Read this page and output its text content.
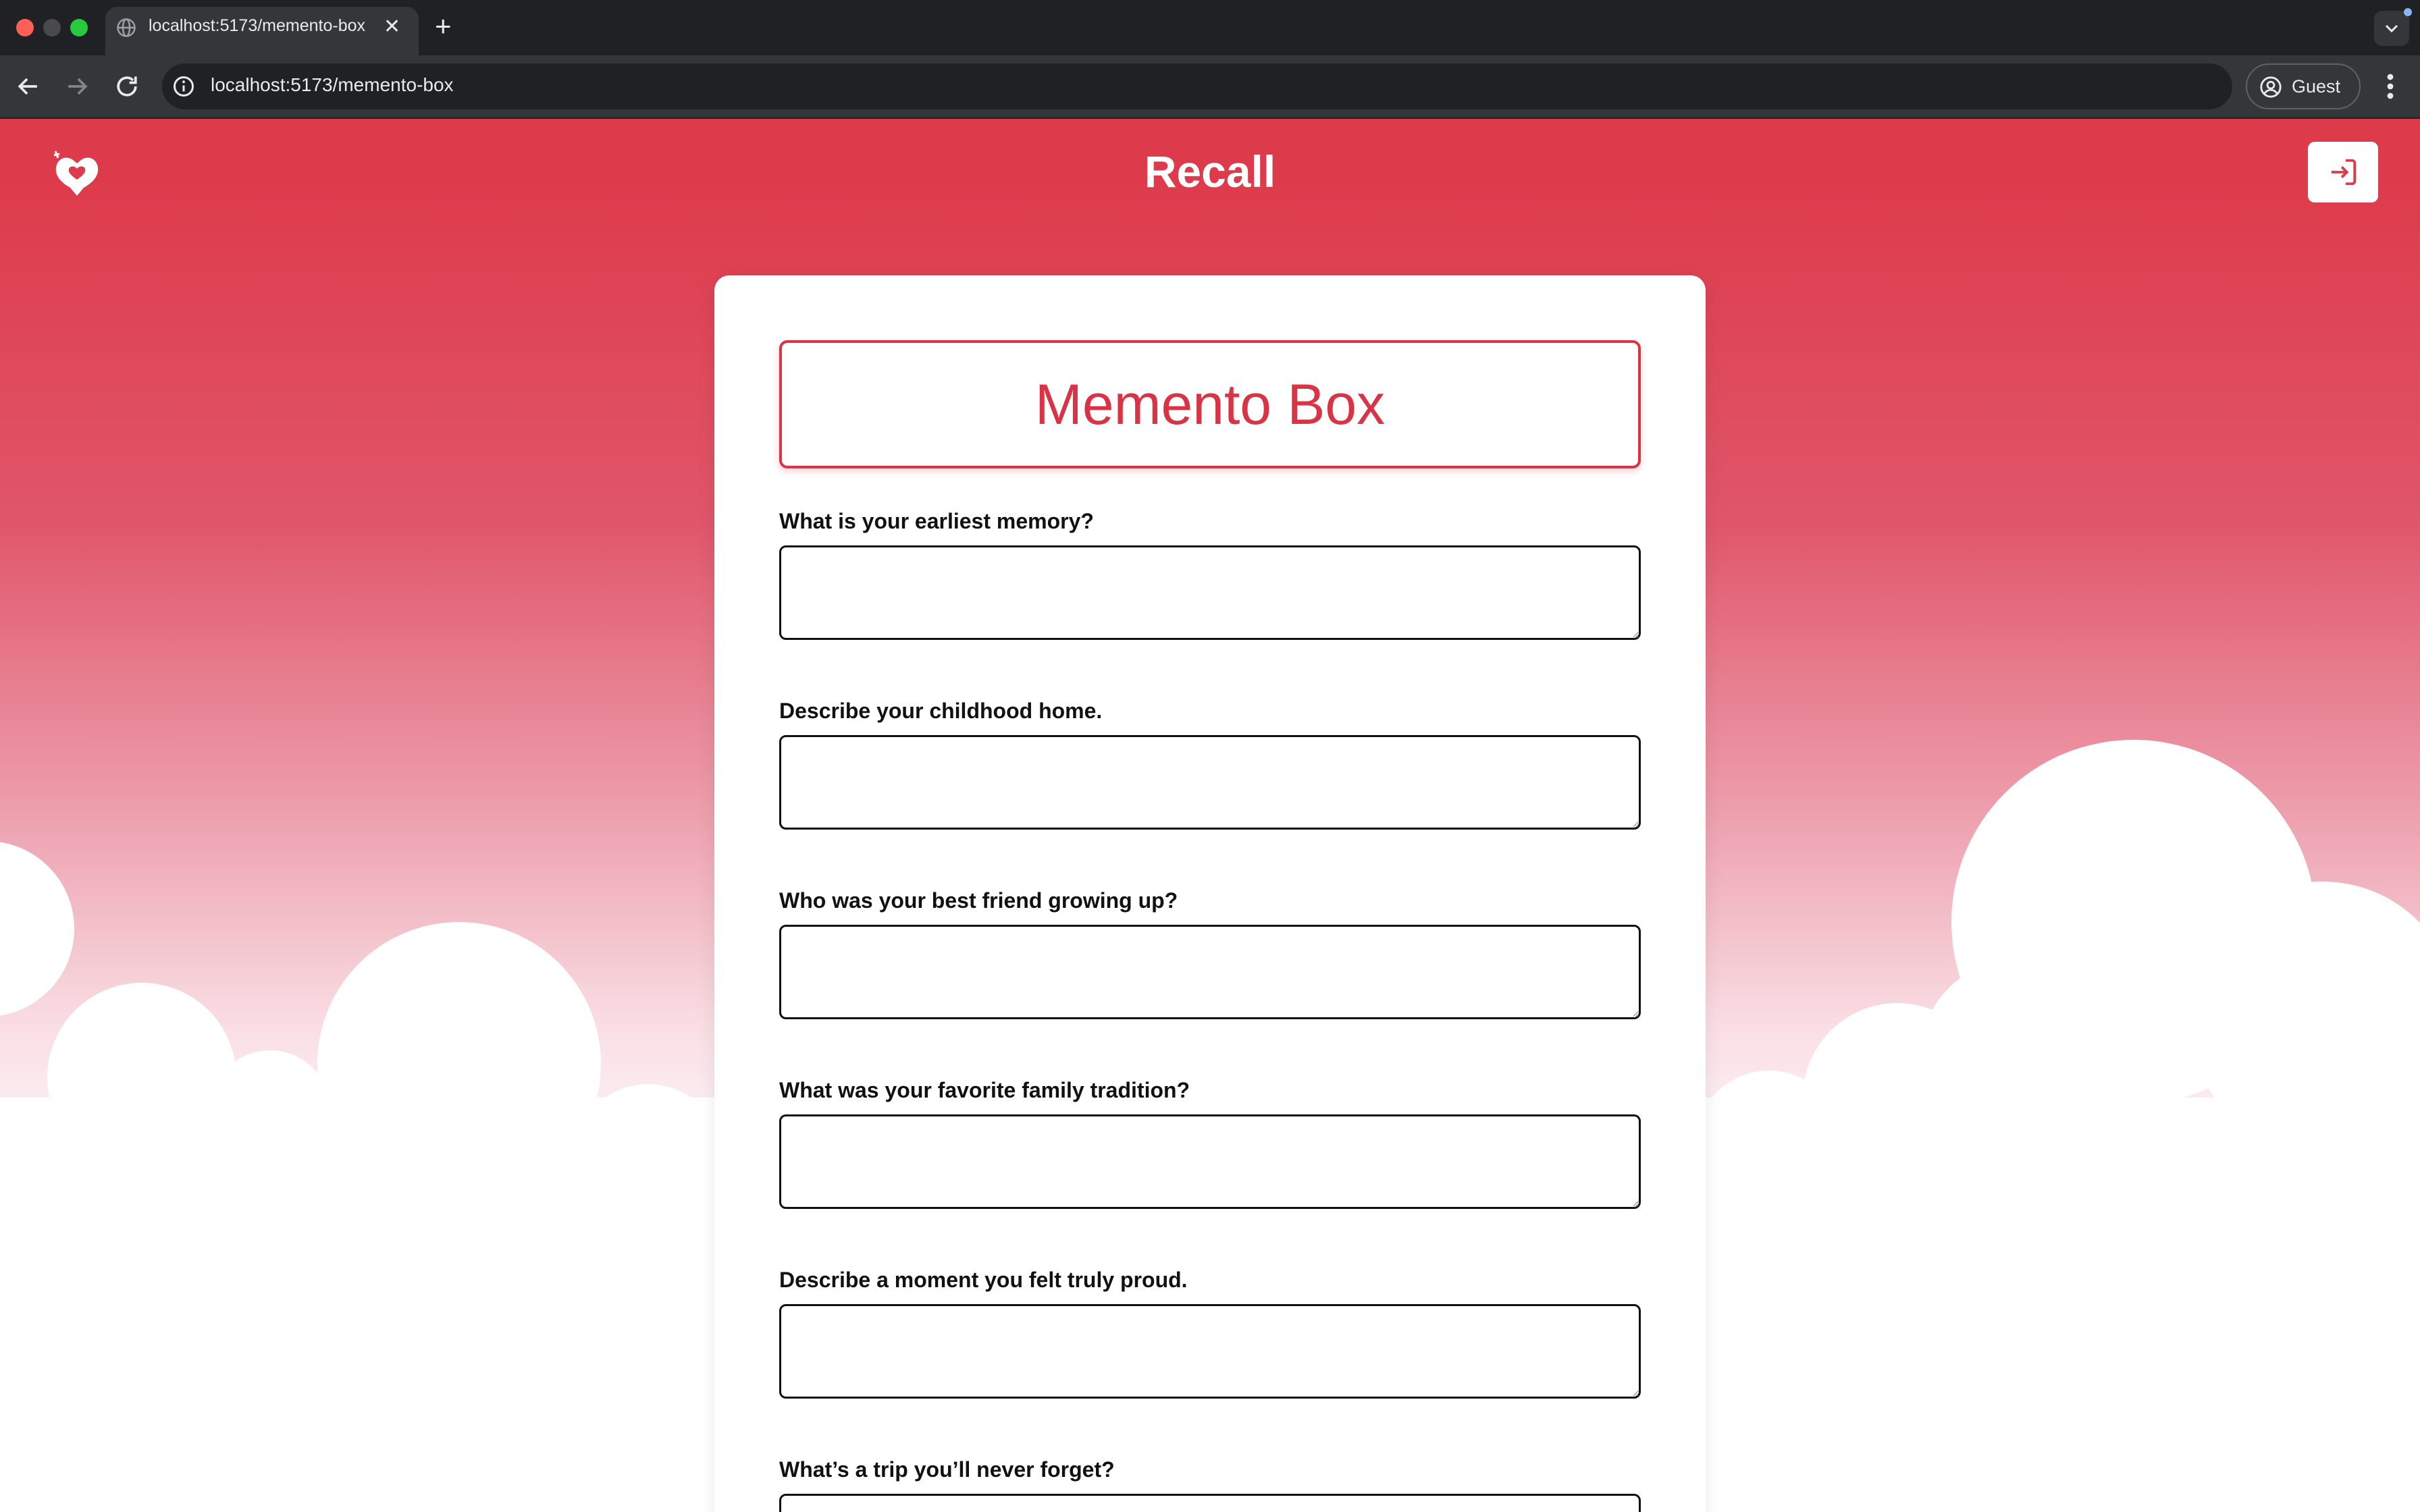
localhost:5173/memento-box ✕ +
localhost:5173/memento-box	Guest
Recall
Memento Box
What is your earliest memory?
Describe your childhood home.
Who was your best friend growing up?
What was your favorite family tradition?
Describe a moment you felt truly proud.
What’s a trip you’ll never forget?
